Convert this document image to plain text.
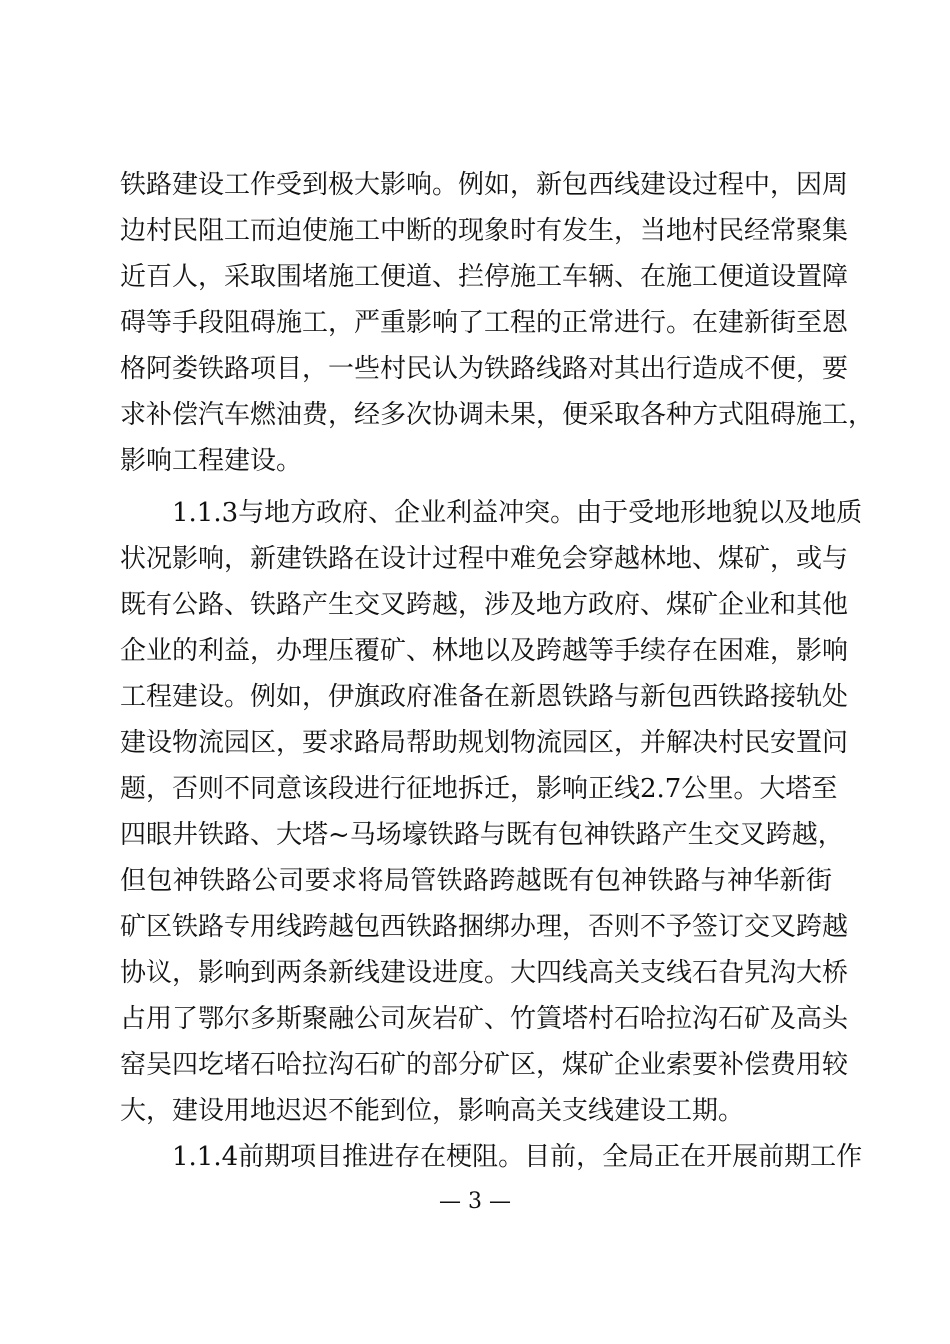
铁路建设工作受到极大影响。例如，新包西线建设过程中，因周
边村民阻工而迫使施工中断的现象时有发生，当地村民经常聚集
近百人，采取围堵施工便道、拦停施工车辆、在施工便道设置障
碍等手段阻碍施工，严重影响了工程的正常进行。在建新街至恩
格阿娄铁路项目，一些村民认为铁路线路对其出行造成不便，要
求补偿汽车燃油费，经多次协调未果，便采取各种方式阻碍施工，
影响工程建设。
1.1.3与地方政府、企业利益冲突。由于受地形地貌以及地质
状况影响，新建铁路在设计过程中难免会穿越林地、煤矿，或与
既有公路、铁路产生交叉跨越，涉及地方政府、煤矿企业和其他
企业的利益，办理压覆矿、林地以及跨越等手续存在困难，影响
工程建设。例如，伊旗政府准备在新恩铁路与新包西铁路接轨处
建设物流园区，要求路局帮助规划物流园区，并解决村民安置问
题，否则不同意该段进行征地拆迁，影响正线2.7公里。大塔至
四眼井铁路、大塔~马场壕铁路与既有包神铁路产生交叉跨越，
但包神铁路公司要求将局管铁路跨越既有包神铁路与神华新街
矿区铁路专用线跨越包西铁路捆绑办理，否则不予签订交叉跨越
协议，影响到两条新线建设进度。大四线高关支线石旮旯沟大桥
占用了鄂尔多斯聚融公司灰岩矿、竹篢塔村石哈拉沟石矿及高头
窑吴四圪堵石哈拉沟石矿的部分矿区，煤矿企业索要补偿费用较
大，建设用地迟迟不能到位，影响高关支线建设工期。
1.1.4前期项目推进存在梗阻。目前，全局正在开展前期工作
— 3 —
